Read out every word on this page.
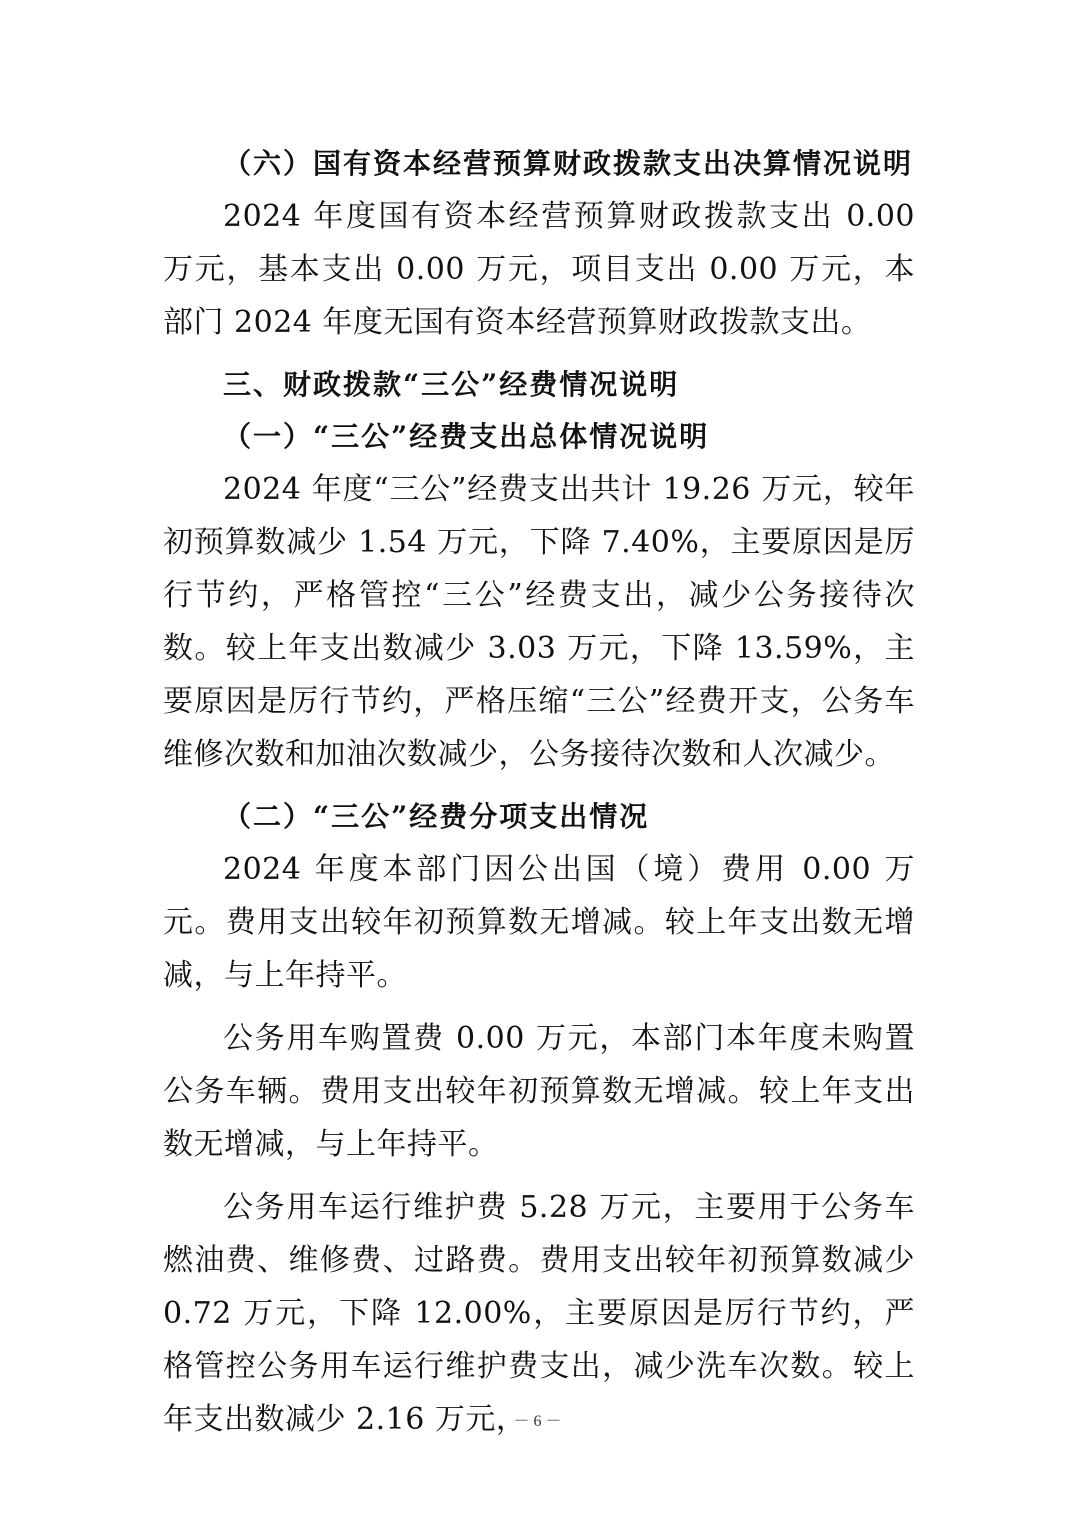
（六）国有资本经营预算财政拨款支出决算情况说明

2024 年度国有资本经营预算财政拨款支出 0.00 万元，基本支出 0.00 万元，项目支出 0.00 万元，本部门 2024 年度无国有资本经营预算财政拨款支出。

三、财政拨款“三公”经费情况说明
（一）“三公”经费支出总体情况说明

2024 年度“三公”经费支出共计 19.26 万元，较年初预算数减少 1.54 万元，下降 7.40%，主要原因是厉行节约，严格管控“三公”经费支出，减少公务接待次数。较上年支出数减少 3.03 万元，下降 13.59%，主要原因是厉行节约，严格压缩“三公”经费开支，公务车维修次数和加油次数减少，公务接待次数和人次减少。

（二）“三公”经费分项支出情况

2024 年度本部门因公出国（境）费用 0.00 万元。费用支出较年初预算数无增减。较上年支出数无增减，与上年持平。

公务用车购置费 0.00 万元，本部门本年度未购置公务车辆。费用支出较年初预算数无增减。较上年支出数无增减，与上年持平。

公务用车运行维护费 5.28 万元，主要用于公务车燃油费、维修费、过路费。费用支出较年初预算数减少 0.72 万元，下降 12.00%，主要原因是厉行节约，严格管控公务用车运行维护费支出，减少洗车次数。较上年支出数减少 2.16 万元，

－ 6 －
